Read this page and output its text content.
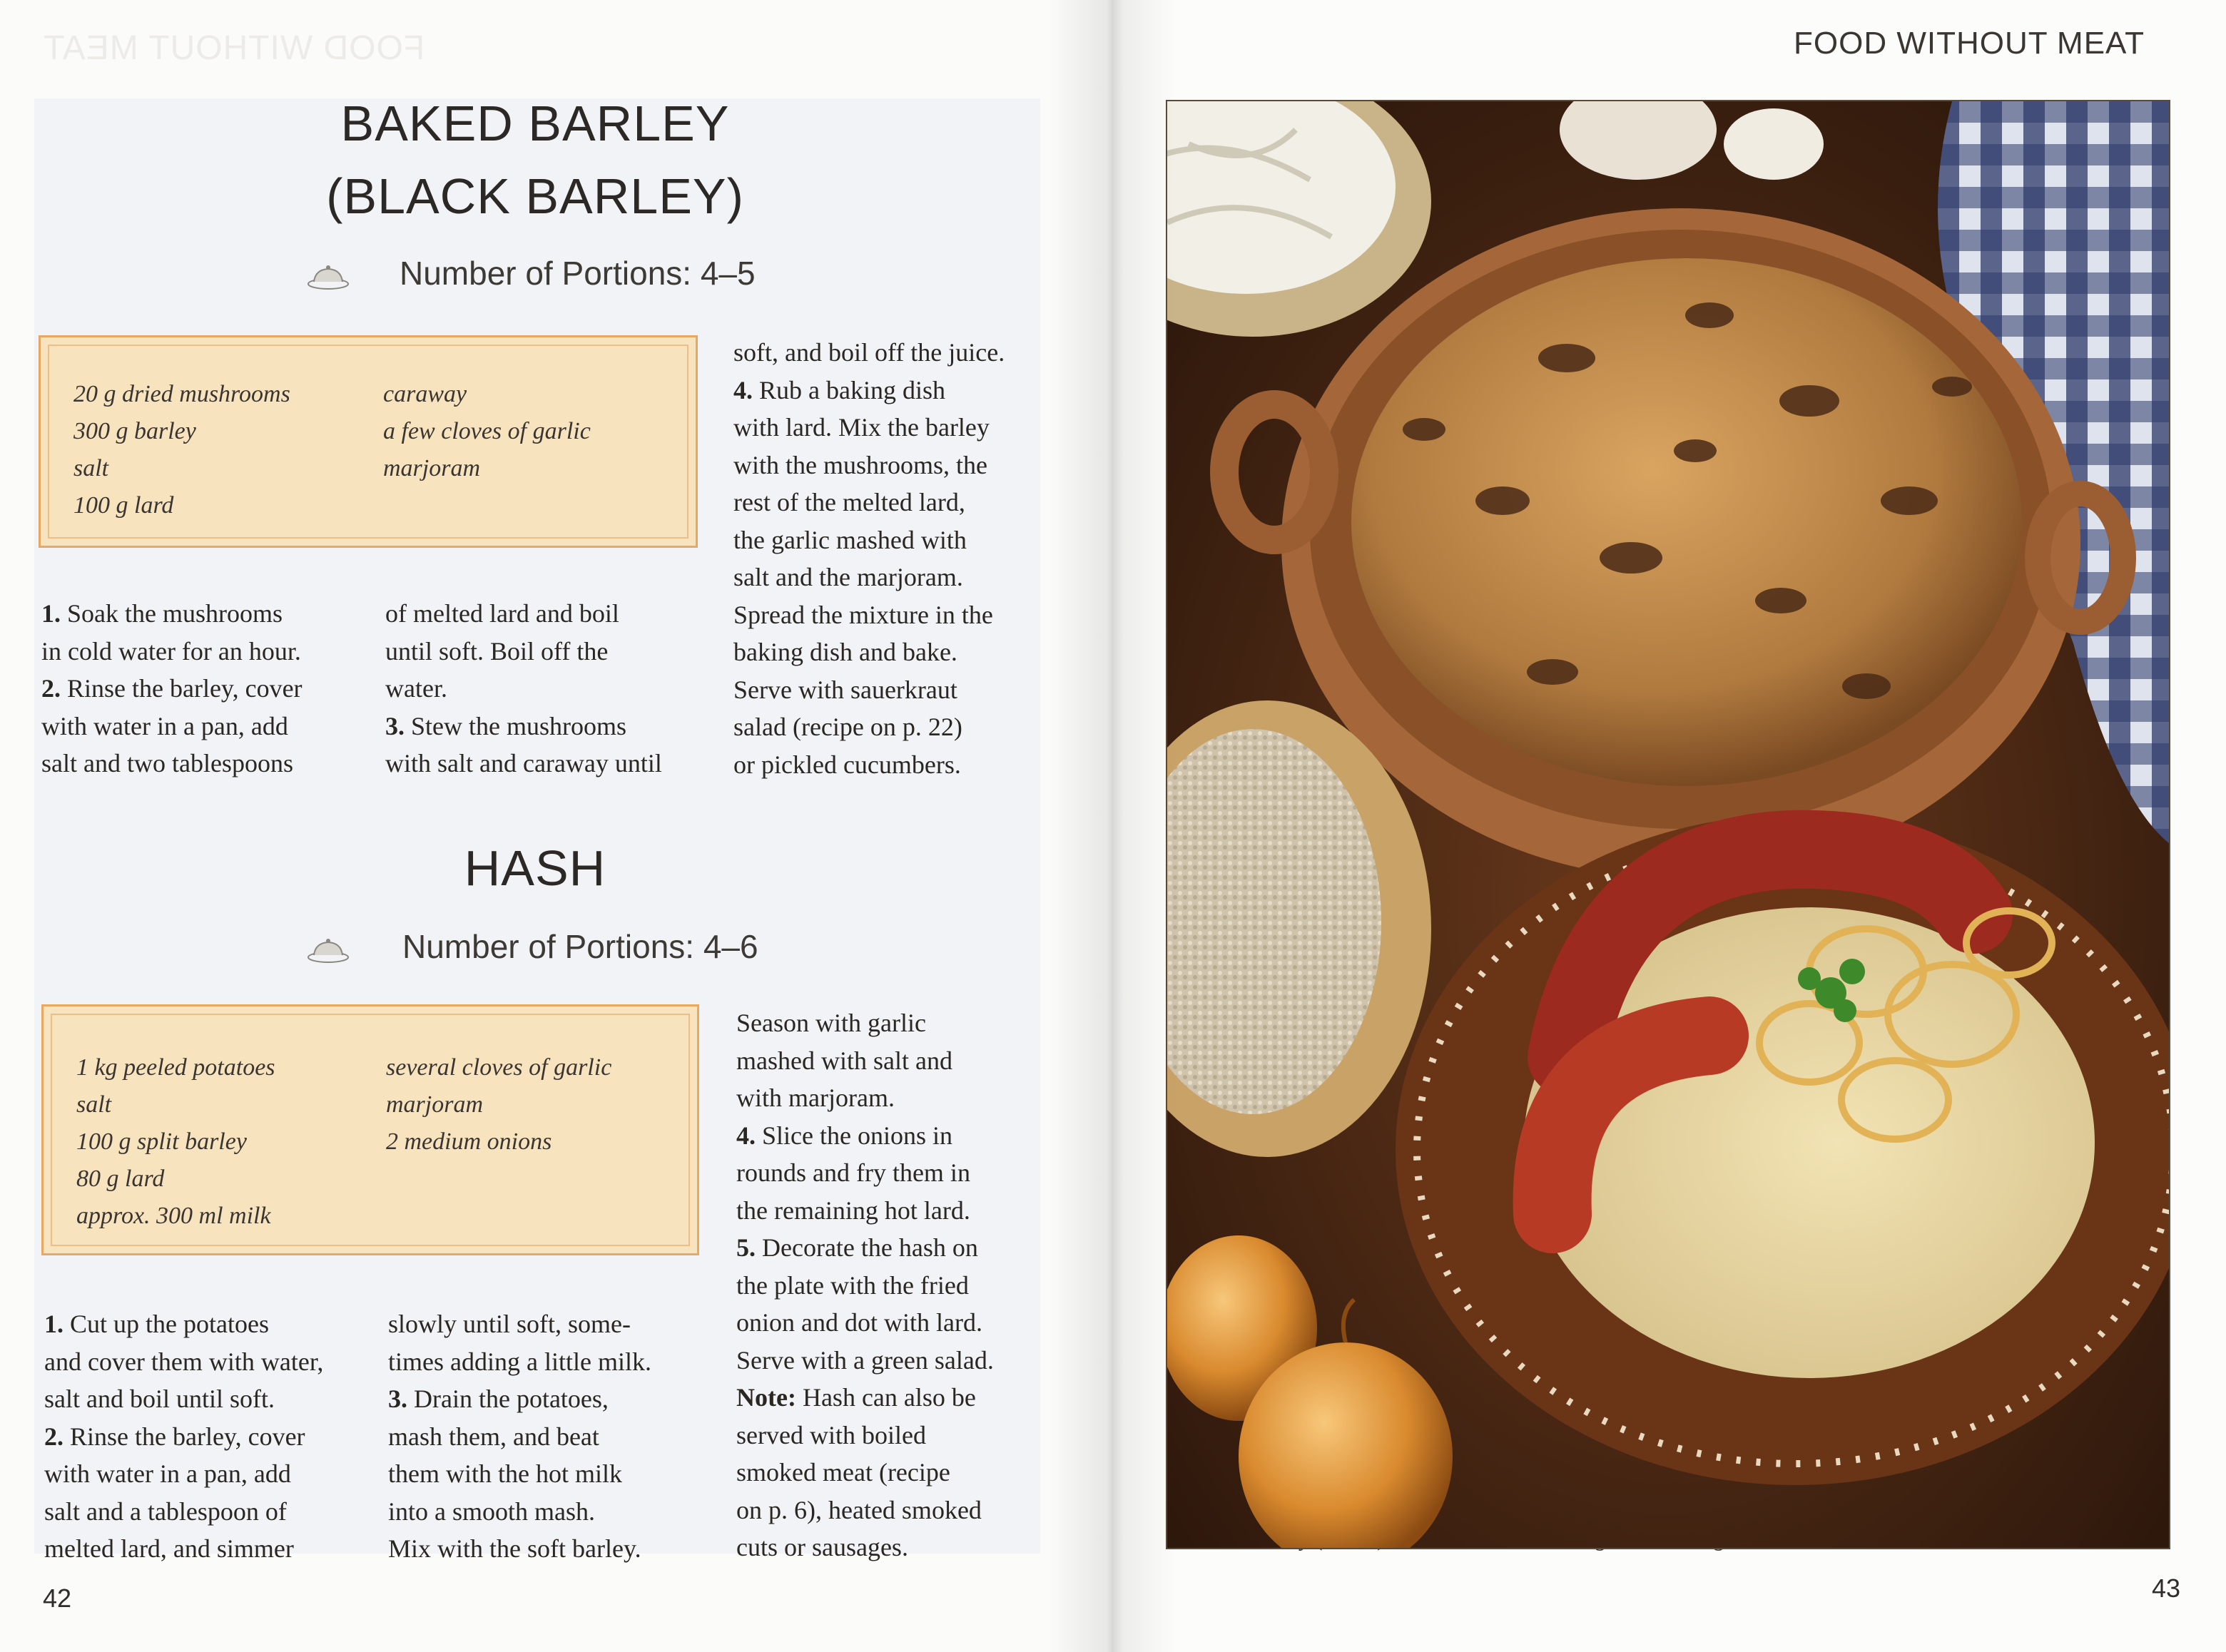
FOOD WITHOUT MEAT
BAKED BARLEY
(BLACK BARLEY)
Number of Portions: 4–5
20 g dried mushrooms
300 g barley
salt
100 g lard
caraway
a few cloves of garlic
marjoram

1. Soak the mushrooms

in cold water for an hour.

2. Rinse the barley, cover

with water in a pan, add

salt and two tablespoons

of melted lard and boil

until soft. Boil off the

water.

3. Stew the mushrooms

with salt and caraway until

soft, and boil off the juice.

4. Rub a baking dish

with lard. Mix the barley

with the mushrooms, the

rest of the melted lard,

the garlic mashed with

salt and the marjoram.

Spread the mixture in the

baking dish and bake.

Serve with sauerkraut

salad (recipe on p. 22)

or pickled cucumbers.

HASH
Number of Portions: 4–6
1 kg peeled potatoes
salt
100 g split barley
80 g lard
approx. 300 ml milk
several cloves of garlic
marjoram
2 medium onions

1. Cut up the potatoes

and cover them with water,

salt and boil until soft.

2. Rinse the barley, cover

with water in a pan, add

salt and a tablespoon of

melted lard, and simmer

slowly until soft, some-

times adding a little milk.

3. Drain the potatoes,

mash them, and beat

them with the hot milk

into a smooth mash.

Mix with the soft barley.

Season with garlic

mashed with salt and

with marjoram.

4. Slice the onions in

rounds and fry them in

the remaining hot lard.

5. Decorate the hash on

the plate with the fried

onion and dot with lard.

Serve with a green salad.

Note: Hash can also be

served with boiled

smoked meat (recipe

on p. 6), heated smoked

cuts or sausages.

42
FOOD WITHOUT MEAT
43
